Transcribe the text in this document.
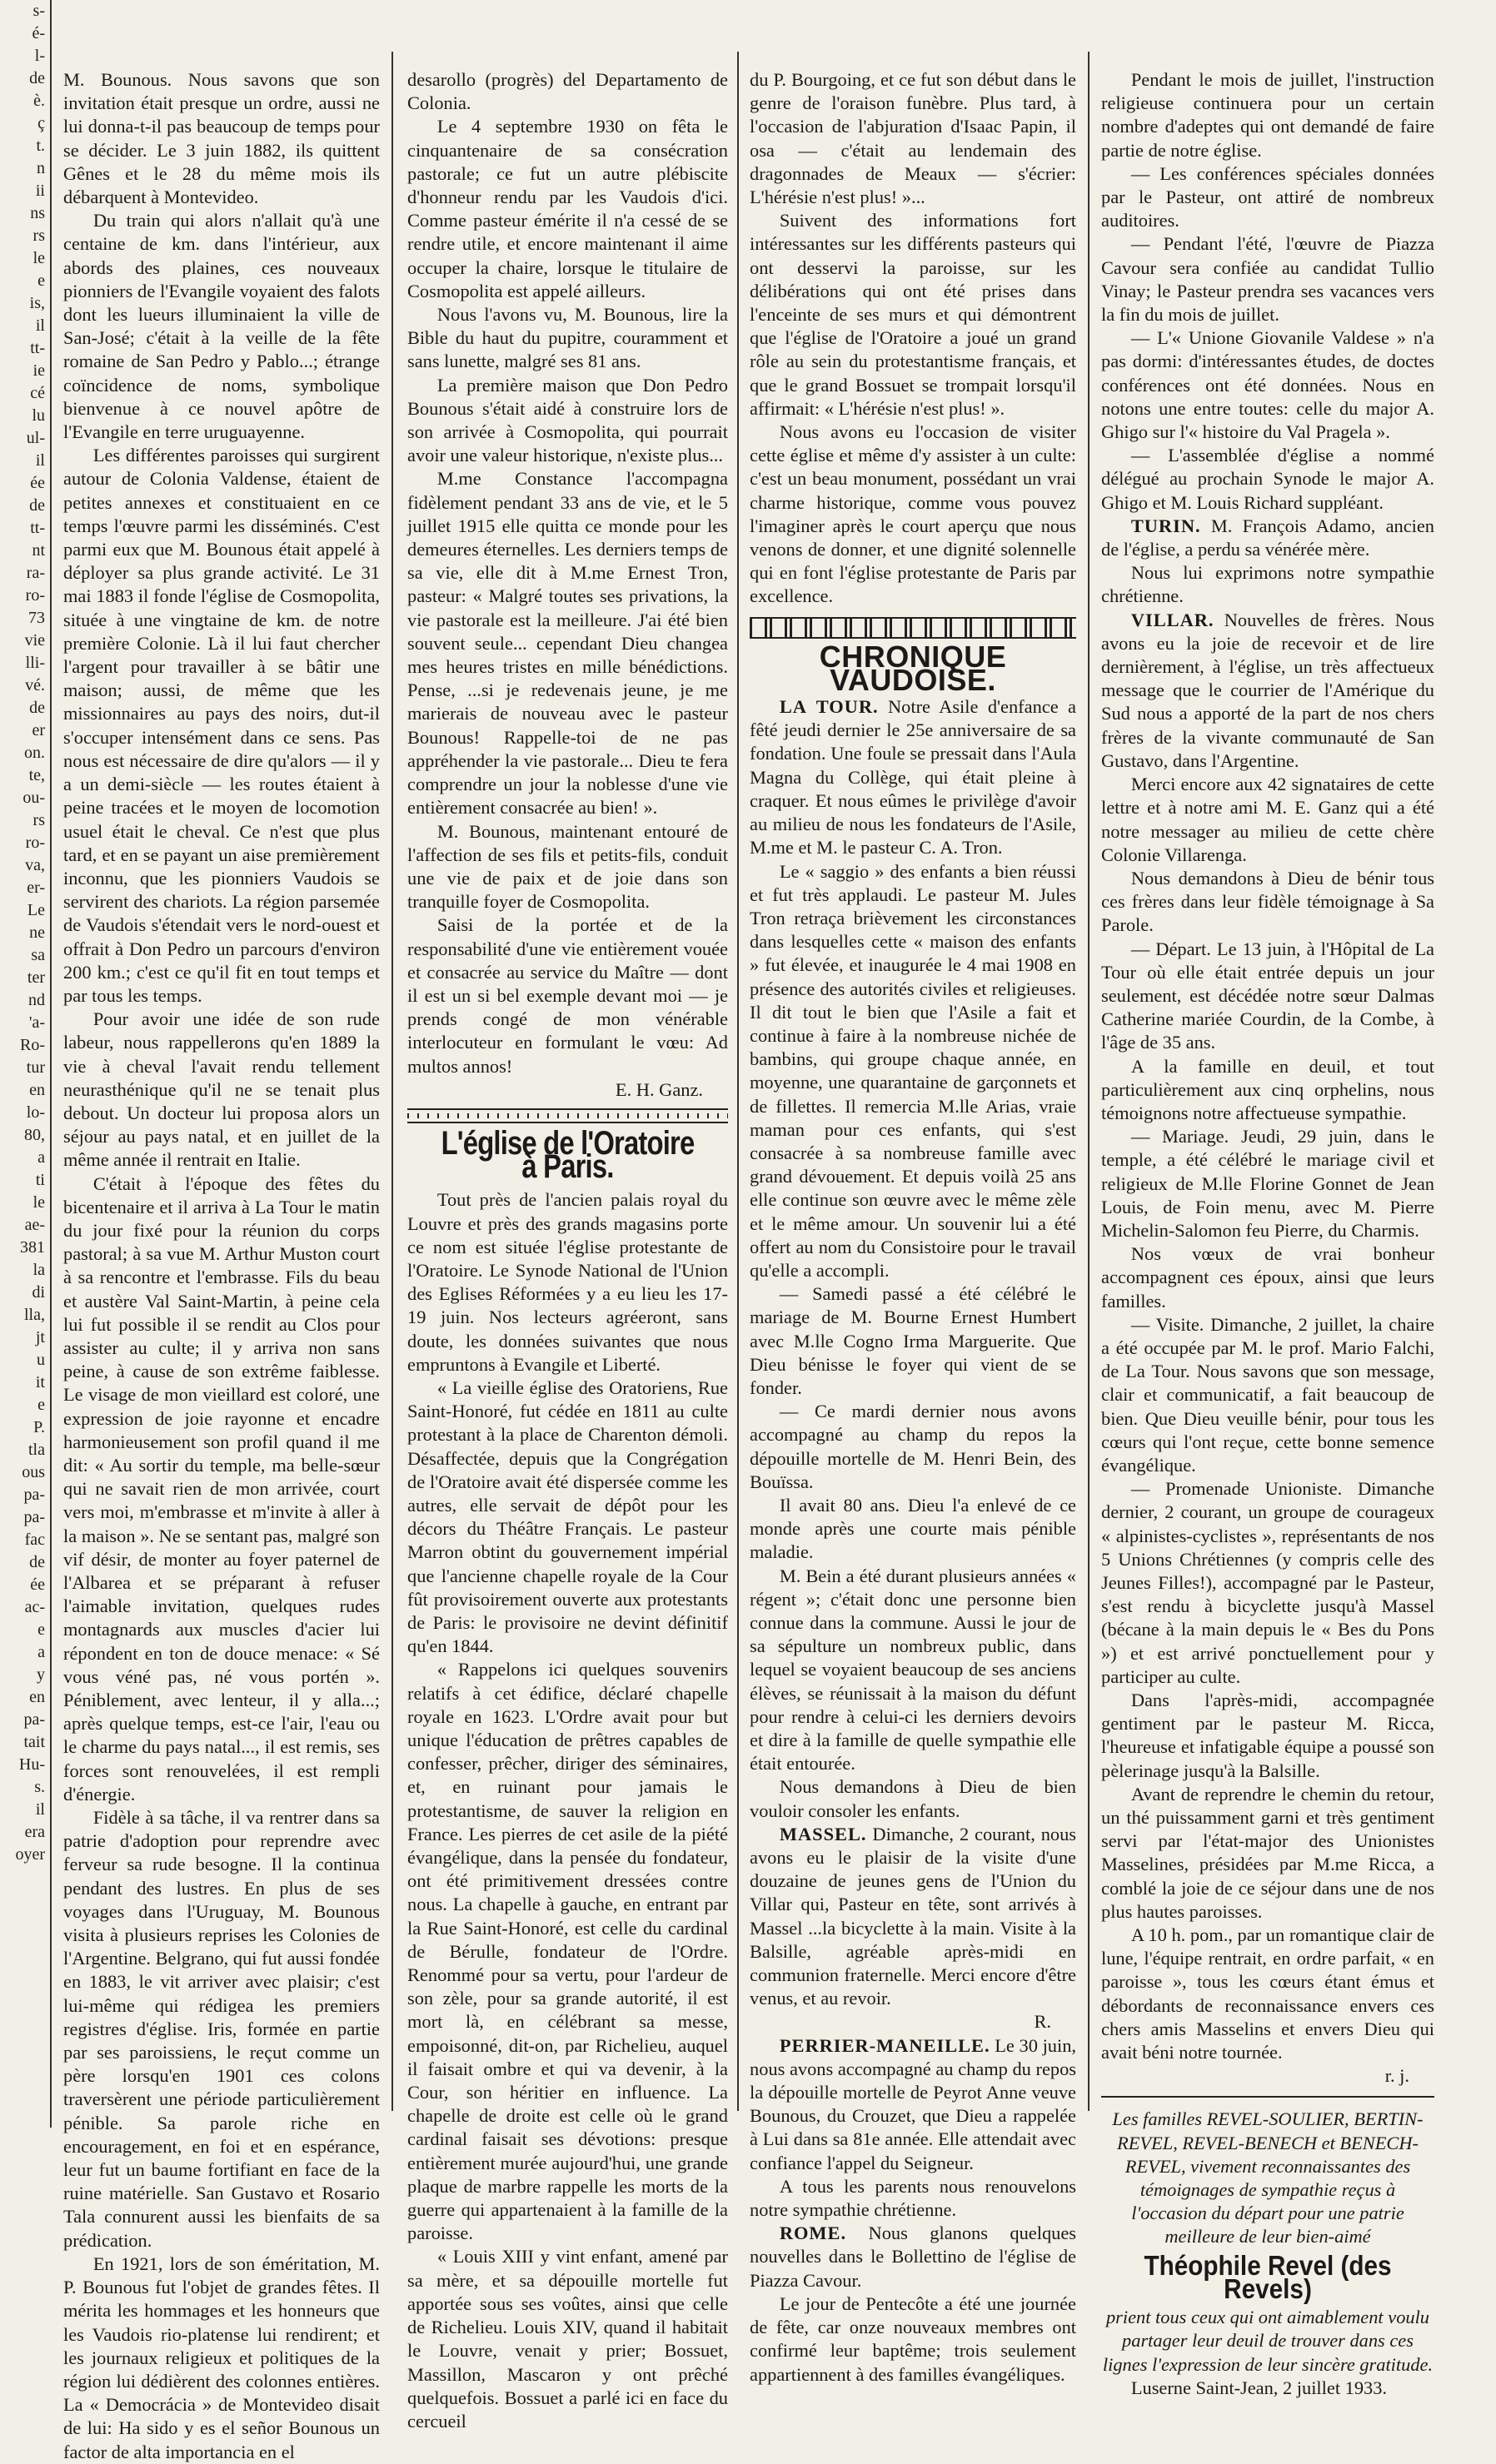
s-
é-
l-
de
è.
ç
t.
n
ii
ns
rs
le
e
is,
il
tt-
ie
cé
lu
ul-
il
ée
de
tt-
nt
ra-
ro-
73
vie
lli-
vé.
de
er
on.
te,
ou-
rs
ro-
va,
er-
Le
ne
sa
ter
nd
'a-
Ro-
tur
en
lo-
80,
a
ti
le
ae-
381
la
di
lla,
jt
u
it
e
P.
tla
ous
pa-
pa-
fac
de
ée
ac-
e
a
y
en
pa-
tait
Hu-
s.
il
era
oyer

M. Bounous. Nous savons que son invitation était presque un ordre, aussi ne lui donna-t-il pas beaucoup de temps pour se décider. Le 3 juin 1882, ils quittent Gênes et le 28 du même mois ils débarquent à Montevideo.

Du train qui alors n'allait qu'à une centaine de km. dans l'intérieur, aux abords des plaines, ces nouveaux pionniers de l'Evangile voyaient des falots dont les lueurs illuminaient la ville de San-José; c'était à la veille de la fête romaine de San Pedro y Pablo...; étrange coïncidence de noms, symbolique bienvenue à ce nouvel apôtre de l'Evangile en terre uruguayenne.

Les différentes paroisses qui surgirent autour de Colonia Valdense, étaient de petites annexes et constituaient en ce temps l'œuvre parmi les disséminés. C'est parmi eux que M. Bounous était appelé à déployer sa plus grande activité. Le 31 mai 1883 il fonde l'église de Cosmopolita, située à une vingtaine de km. de notre première Colonie. Là il lui faut chercher l'argent pour travailler à se bâtir une maison; aussi, de même que les missionnaires au pays des noirs, dut-il s'occuper intensément dans ce sens. Pas nous est nécessaire de dire qu'alors — il y a un demi-siècle — les routes étaient à peine tracées et le moyen de locomotion usuel était le cheval. Ce n'est que plus tard, et en se payant un aise premièrement inconnu, que les pionniers Vaudois se servirent des chariots. La région parsemée de Vaudois s'étendait vers le nord-ouest et offrait à Don Pedro un parcours d'environ 200 km.; c'est ce qu'il fit en tout temps et par tous les temps.

Pour avoir une idée de son rude labeur, nous rappellerons qu'en 1889 la vie à cheval l'avait rendu tellement neurasthénique qu'il ne se tenait plus debout. Un docteur lui proposa alors un séjour au pays natal, et en juillet de la même année il rentrait en Italie.

C'était à l'époque des fêtes du bicentenaire et il arriva à La Tour le matin du jour fixé pour la réunion du corps pastoral; à sa vue M. Arthur Muston court à sa rencontre et l'embrasse. Fils du beau et austère Val Saint-Martin, à peine cela lui fut possible il se rendit au Clos pour assister au culte; il y arriva non sans peine, à cause de son extrême faiblesse. Le visage de mon vieillard est coloré, une expression de joie rayonne et encadre harmonieusement son profil quand il me dit: « Au sortir du temple, ma belle-sœur qui ne savait rien de mon arrivée, court vers moi, m'embrasse et m'invite à aller à la maison ». Ne se sentant pas, malgré son vif désir, de monter au foyer paternel de l'Albarea et se préparant à refuser l'aimable invitation, quelques rudes montagnards aux muscles d'acier lui répondent en ton de douce menace: « Sé vous véné pas, né vous portén ». Péniblement, avec lenteur, il y alla...; après quelque temps, est-ce l'air, l'eau ou le charme du pays natal..., il est remis, ses forces sont renouvelées, il est rempli d'énergie.

Fidèle à sa tâche, il va rentrer dans sa patrie d'adoption pour reprendre avec ferveur sa rude besogne. Il la continua pendant des lustres. En plus de ses voyages dans l'Uruguay, M. Bounous visita à plusieurs reprises les Colonies de l'Argentine. Belgrano, qui fut aussi fondée en 1883, le vit arriver avec plaisir; c'est lui-même qui rédigea les premiers registres d'église. Iris, formée en partie par ses paroissiens, le reçut comme un père lorsqu'en 1901 ces colons traversèrent une période particulièrement pénible. Sa parole riche en encouragement, en foi et en espérance, leur fut un baume fortifiant en face de la ruine matérielle. San Gustavo et Rosario Tala connurent aussi les bienfaits de sa prédication.

En 1921, lors de son éméritation, M. P. Bounous fut l'objet de grandes fêtes. Il mérita les hommages et les honneurs que les Vaudois rio-platense lui rendirent; et les journaux religieux et politiques de la région lui dédièrent des colonnes entières. La « Democrácia » de Montevideo disait de lui: Ha sido y es el señor Bounous un factor de alta importancia en el

desarollo (progrès) del Departamento de Colonia.

Le 4 septembre 1930 on fêta le cinquantenaire de sa consécration pastorale; ce fut un autre plébiscite d'honneur rendu par les Vaudois d'ici. Comme pasteur émérite il n'a cessé de se rendre utile, et encore maintenant il aime occuper la chaire, lorsque le titulaire de Cosmopolita est appelé ailleurs.

Nous l'avons vu, M. Bounous, lire la Bible du haut du pupitre, couramment et sans lunette, malgré ses 81 ans.

La première maison que Don Pedro Bounous s'était aidé à construire lors de son arrivée à Cosmopolita, qui pourrait avoir une valeur historique, n'existe plus...

M.me Constance l'accompagna fidèlement pendant 33 ans de vie, et le 5 juillet 1915 elle quitta ce monde pour les demeures éternelles. Les derniers temps de sa vie, elle dit à M.me Ernest Tron, pasteur: « Malgré toutes ses privations, la vie pastorale est la meilleure. J'ai été bien souvent seule... cependant Dieu changea mes heures tristes en mille bénédictions. Pense, ...si je redevenais jeune, je me marierais de nouveau avec le pasteur Bounous! Rappelle-toi de ne pas appréhender la vie pastorale... Dieu te fera comprendre un jour la noblesse d'une vie entièrement consacrée au bien! ».

M. Bounous, maintenant entouré de l'affection de ses fils et petits-fils, conduit une vie de paix et de joie dans son tranquille foyer de Cosmopolita.

Saisi de la portée et de la responsabilité d'une vie entièrement vouée et consacrée au service du Maître — dont il est un si bel exemple devant moi — je prends congé de mon vénérable interlocuteur en formulant le vœu: Ad multos annos!

E. H. Ganz.

L'église de l'Oratoire à Paris.

Tout près de l'ancien palais royal du Louvre et près des grands magasins porte ce nom est située l'église protestante de l'Oratoire. Le Synode National de l'Union des Eglises Réformées y a eu lieu les 17-19 juin. Nos lecteurs agréeront, sans doute, les données suivantes que nous empruntons à Evangile et Liberté.

« La vieille église des Oratoriens, Rue Saint-Honoré, fut cédée en 1811 au culte protestant à la place de Charenton démoli. Désaffectée, depuis que la Congrégation de l'Oratoire avait été dispersée comme les autres, elle servait de dépôt pour les décors du Théâtre Français. Le pasteur Marron obtint du gouvernement impérial que l'ancienne chapelle royale de la Cour fût provisoirement ouverte aux protestants de Paris: le provisoire ne devint définitif qu'en 1844.

« Rappelons ici quelques souvenirs relatifs à cet édifice, déclaré chapelle royale en 1623. L'Ordre avait pour but unique l'éducation de prêtres capables de confesser, prêcher, diriger des séminaires, et, en ruinant pour jamais le protestantisme, de sauver la religion en France. Les pierres de cet asile de la piété évangélique, dans la pensée du fondateur, ont été primitivement dressées contre nous. La chapelle à gauche, en entrant par la Rue Saint-Honoré, est celle du cardinal de Bérulle, fondateur de l'Ordre. Renommé pour sa vertu, pour l'ardeur de son zèle, pour sa grande autorité, il est mort là, en célébrant sa messe, empoisonné, dit-on, par Richelieu, auquel il faisait ombre et qui va devenir, à la Cour, son héritier en influence. La chapelle de droite est celle où le grand cardinal faisait ses dévotions: presque entièrement murée aujourd'hui, une grande plaque de marbre rappelle les morts de la guerre qui appartenaient à la famille de la paroisse.

« Louis XIII y vint enfant, amené par sa mère, et sa dépouille mortelle fut apportée sous ses voûtes, ainsi que celle de Richelieu. Louis XIV, quand il habitait le Louvre, venait y prier; Bossuet, Massillon, Mascaron y ont prêché quelquefois. Bossuet a parlé ici en face du cercueil

du P. Bourgoing, et ce fut son début dans le genre de l'oraison funèbre. Plus tard, à l'occasion de l'abjuration d'Isaac Papin, il osa — c'était au lendemain des dragonnades de Meaux — s'écrier: L'hérésie n'est plus! »...

Suivent des informations fort intéressantes sur les différents pasteurs qui ont desservi la paroisse, sur les délibérations qui ont été prises dans l'enceinte de ses murs et qui démontrent que l'église de l'Oratoire a joué un grand rôle au sein du protestantisme français, et que le grand Bossuet se trompait lorsqu'il affirmait: « L'hérésie n'est plus! ».

Nous avons eu l'occasion de visiter cette église et même d'y assister à un culte: c'est un beau monument, possédant un vrai charme historique, comme vous pouvez l'imaginer après le court aperçu que nous venons de donner, et une dignité solennelle qui en font l'église protestante de Paris par excellence.

CHRONIQUE VAUDOISE.

LA TOUR. Notre Asile d'enfance a fêté jeudi dernier le 25e anniversaire de sa fondation. Une foule se pressait dans l'Aula Magna du Collège, qui était pleine à craquer. Et nous eûmes le privilège d'avoir au milieu de nous les fondateurs de l'Asile, M.me et M. le pasteur C. A. Tron.

Le « saggio » des enfants a bien réussi et fut très applaudi. Le pasteur M. Jules Tron retraça brièvement les circonstances dans lesquelles cette « maison des enfants » fut élevée, et inaugurée le 4 mai 1908 en présence des autorités civiles et religieuses. Il dit tout le bien que l'Asile a fait et continue à faire à la nombreuse nichée de bambins, qui groupe chaque année, en moyenne, une quarantaine de garçonnets et de fillettes. Il remercia M.lle Arias, vraie maman pour ces enfants, qui s'est consacrée à sa nombreuse famille avec grand dévouement. Et depuis voilà 25 ans elle continue son œuvre avec le même zèle et le même amour. Un souvenir lui a été offert au nom du Consistoire pour le travail qu'elle a accompli.

— Samedi passé a été célébré le mariage de M. Bourne Ernest Humbert avec M.lle Cogno Irma Marguerite. Que Dieu bénisse le foyer qui vient de se fonder.

— Ce mardi dernier nous avons accompagné au champ du repos la dépouille mortelle de M. Henri Bein, des Bouïssa.

Il avait 80 ans. Dieu l'a enlevé de ce monde après une courte mais pénible maladie.

M. Bein a été durant plusieurs années « régent »; c'était donc une personne bien connue dans la commune. Aussi le jour de sa sépulture un nombreux public, dans lequel se voyaient beaucoup de ses anciens élèves, se réunissait à la maison du défunt pour rendre à celui-ci les derniers devoirs et dire à la famille de quelle sympathie elle était entourée.

Nous demandons à Dieu de bien vouloir consoler les enfants.

MASSEL. Dimanche, 2 courant, nous avons eu le plaisir de la visite d'une douzaine de jeunes gens de l'Union du Villar qui, Pasteur en tête, sont arrivés à Massel ...la bicyclette à la main. Visite à la Balsille, agréable après-midi en communion fraternelle. Merci encore d'être venus, et au revoir.

R.

PERRIER-MANEILLE. Le 30 juin, nous avons accompagné au champ du repos la dépouille mortelle de Peyrot Anne veuve Bounous, du Crouzet, que Dieu a rappelée à Lui dans sa 81e année. Elle attendait avec confiance l'appel du Seigneur.

A tous les parents nous renouvelons notre sympathie chrétienne.

ROME. Nous glanons quelques nouvelles dans le Bollettino de l'église de Piazza Cavour.

Le jour de Pentecôte a été une journée de fête, car onze nouveaux membres ont confirmé leur baptême; trois seulement appartiennent à des familles évangéliques.

Pendant le mois de juillet, l'instruction religieuse continuera pour un certain nombre d'adeptes qui ont demandé de faire partie de notre église.

— Les conférences spéciales données par le Pasteur, ont attiré de nombreux auditoires.

— Pendant l'été, l'œuvre de Piazza Cavour sera confiée au candidat Tullio Vinay; le Pasteur prendra ses vacances vers la fin du mois de juillet.

— L'« Unione Giovanile Valdese » n'a pas dormi: d'intéressantes études, de doctes conférences ont été données. Nous en notons une entre toutes: celle du major A. Ghigo sur l'« histoire du Val Pragela ».

— L'assemblée d'église a nommé délégué au prochain Synode le major A. Ghigo et M. Louis Richard suppléant.

TURIN. M. François Adamo, ancien de l'église, a perdu sa vénérée mère.

Nous lui exprimons notre sympathie chrétienne.

VILLAR. Nouvelles de frères. Nous avons eu la joie de recevoir et de lire dernièrement, à l'église, un très affectueux message que le courrier de l'Amérique du Sud nous a apporté de la part de nos chers frères de la vivante communauté de San Gustavo, dans l'Argentine.

Merci encore aux 42 signataires de cette lettre et à notre ami M. E. Ganz qui a été notre messager au milieu de cette chère Colonie Villarenga.

Nous demandons à Dieu de bénir tous ces frères dans leur fidèle témoignage à Sa Parole.

— Départ. Le 13 juin, à l'Hôpital de La Tour où elle était entrée depuis un jour seulement, est décédée notre sœur Dalmas Catherine mariée Courdin, de la Combe, à l'âge de 35 ans.

A la famille en deuil, et tout particulièrement aux cinq orphelins, nous témoignons notre affectueuse sympathie.

— Mariage. Jeudi, 29 juin, dans le temple, a été célébré le mariage civil et religieux de M.lle Florine Gonnet de Jean Louis, de Foin menu, avec M. Pierre Michelin-Salomon feu Pierre, du Charmis.

Nos vœux de vrai bonheur accompagnent ces époux, ainsi que leurs familles.

— Visite. Dimanche, 2 juillet, la chaire a été occupée par M. le prof. Mario Falchi, de La Tour. Nous savons que son message, clair et communicatif, a fait beaucoup de bien. Que Dieu veuille bénir, pour tous les cœurs qui l'ont reçue, cette bonne semence évangélique.

— Promenade Unioniste. Dimanche dernier, 2 courant, un groupe de courageux « alpinistes-cyclistes », représentants de nos 5 Unions Chrétiennes (y compris celle des Jeunes Filles!), accompagné par le Pasteur, s'est rendu à bicyclette jusqu'à Massel (bécane à la main depuis le « Bes du Pons ») et est arrivé ponctuellement pour y participer au culte.

Dans l'après-midi, accompagnée gentiment par le pasteur M. Ricca, l'heureuse et infatigable équipe a poussé son pèlerinage jusqu'à la Balsille.

Avant de reprendre le chemin du retour, un thé puissamment garni et très gentiment servi par l'état-major des Unionistes Masselines, présidées par M.me Ricca, a comblé la joie de ce séjour dans une de nos plus hautes paroisses.

A 10 h. pom., par un romantique clair de lune, l'équipe rentrait, en ordre parfait, « en paroisse », tous les cœurs étant émus et débordants de reconnaissance envers ces chers amis Masselins et envers Dieu qui avait béni notre tournée.

r. j.

Les familles REVEL-SOULIER, BERTIN-REVEL, REVEL-BENECH et BENECH-REVEL, vivement reconnaissantes des témoignages de sympathie reçus à l'occasion du départ pour une patrie meilleure de leur bien-aimé

Théophile Revel (des Revels)

prient tous ceux qui ont aimablement voulu partager leur deuil de trouver dans ces lignes l'expression de leur sincère gratitude.

Luserne Saint-Jean, 2 juillet 1933.
